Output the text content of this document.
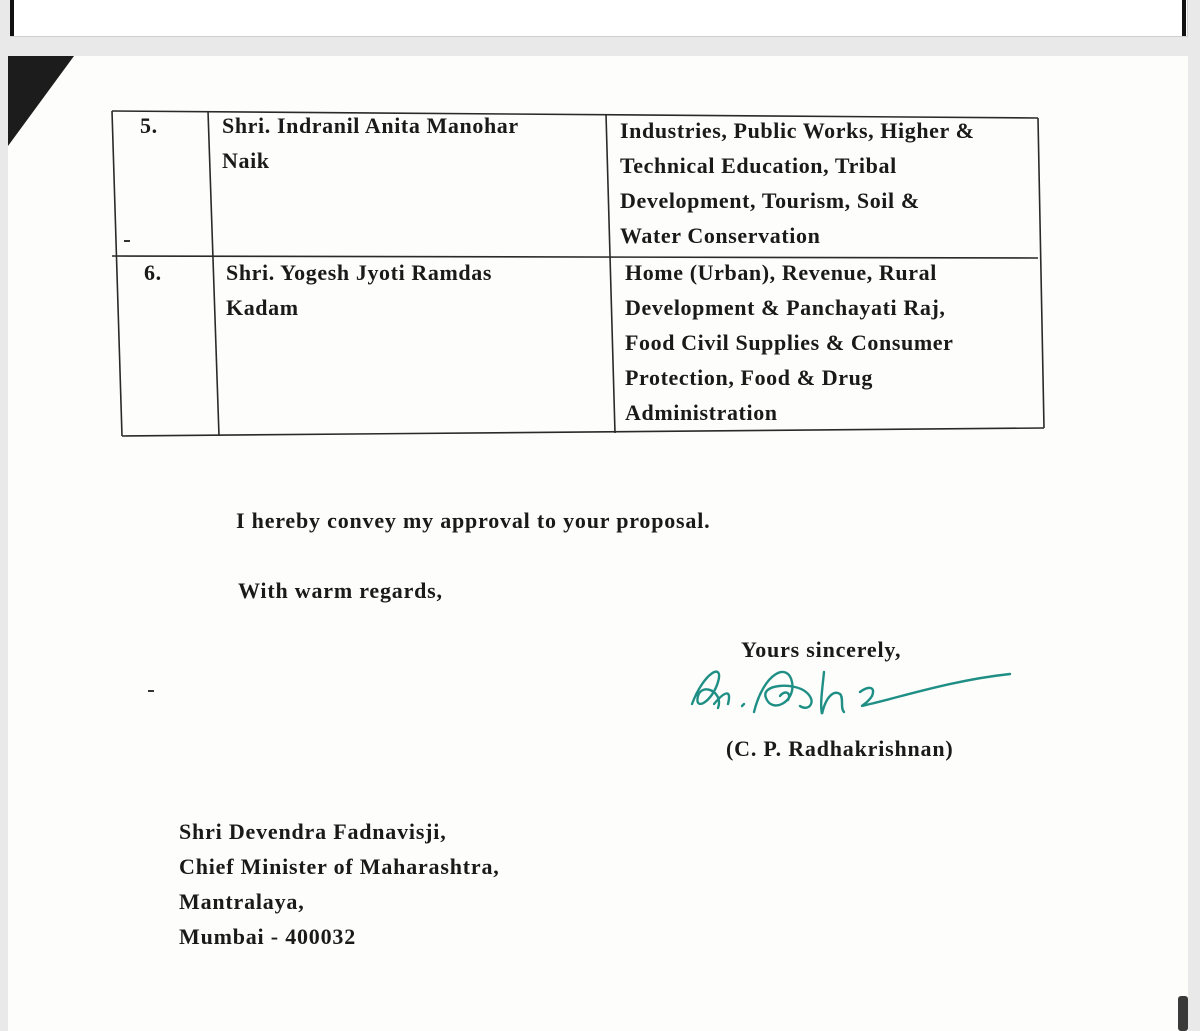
5.	Shri. Indranil Anita Manohar
Naik
Industries, Public Works, Higher &
Technical Education, Tribal
Development, Tourism, Soil &
Water Conservation
6.	Shri. Yogesh Jyoti Ramdas
Kadam
Home (Urban), Revenue, Rural
Development & Panchayati Raj,
Food Civil Supplies & Consumer
Protection, Food & Drug
Administration
I hereby convey my approval to your proposal.
With warm regards,
Yours sincerely,
(C. P. Radhakrishnan)
Shri Devendra Fadnavisji,
Chief Minister of Maharashtra,
Mantralaya,
Mumbai - 400032
